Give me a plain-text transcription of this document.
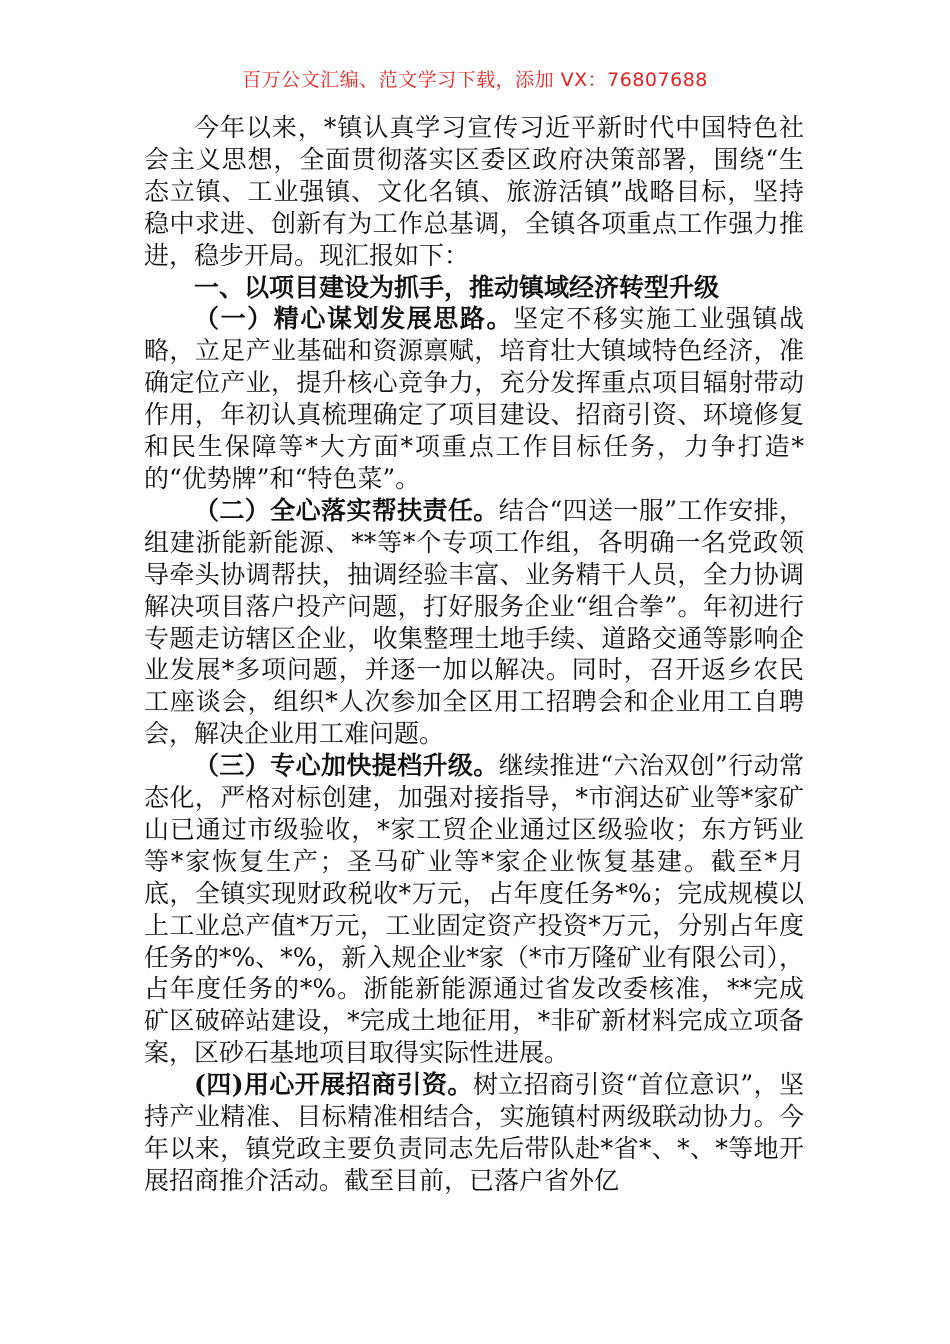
百万公文汇编、范文学习下载，添加 VX：76807688

今年以来，*镇认真学习宣传习近平新时代中国特色社会主义思想，全面贯彻落实区委区政府决策部署，围绕“生态立镇、工业强镇、文化名镇、旅游活镇”战略目标，坚持稳中求进、创新有为工作总基调，全镇各项重点工作强力推进，稳步开局。现汇报如下：

一、以项目建设为抓手，推动镇域经济转型升级

（一）精心谋划发展思路。坚定不移实施工业强镇战略，立足产业基础和资源禀赋，培育壮大镇域特色经济，准确定位产业，提升核心竞争力，充分发挥重点项目辐射带动作用，年初认真梳理确定了项目建设、招商引资、环境修复和民生保障等*大方面*项重点工作目标任务，力争打造*的“优势牌”和“特色菜”。

（二）全心落实帮扶责任。结合“四送一服”工作安排，组建浙能新能源、**等*个专项工作组，各明确一名党政领导牵头协调帮扶，抽调经验丰富、业务精干人员，全力协调解决项目落户投产问题，打好服务企业“组合拳”。年初进行专题走访辖区企业，收集整理土地手续、道路交通等影响企业发展*多项问题，并逐一加以解决。同时，召开返乡农民工座谈会，组织*人次参加全区用工招聘会和企业用工自聘会，解决企业用工难问题。

（三）专心加快提档升级。继续推进“六治双创”行动常态化，严格对标创建，加强对接指导，*市润达矿业等*家矿山已通过市级验收，*家工贸企业通过区级验收；东方钙业等*家恢复生产；圣马矿业等*家企业恢复基建。截至*月底，全镇实现财政税收*万元，占年度任务*%；完成规模以上工业总产值*万元，工业固定资产投资*万元，分别占年度任务的*%、*%，新入规企业*家（*市万隆矿业有限公司），占年度任务的*%。浙能新能源通过省发改委核准，**完成矿区破碎站建设，*完成土地征用，*非矿新材料完成立项备案，区砂石基地项目取得实际性进展。

(四)用心开展招商引资。树立招商引资“首位意识”，坚持产业精准、目标精准相结合，实施镇村两级联动协力。今年以来，镇党政主要负责同志先后带队赴*省*、*、*等地开展招商推介活动。截至目前，已落户省外亿
